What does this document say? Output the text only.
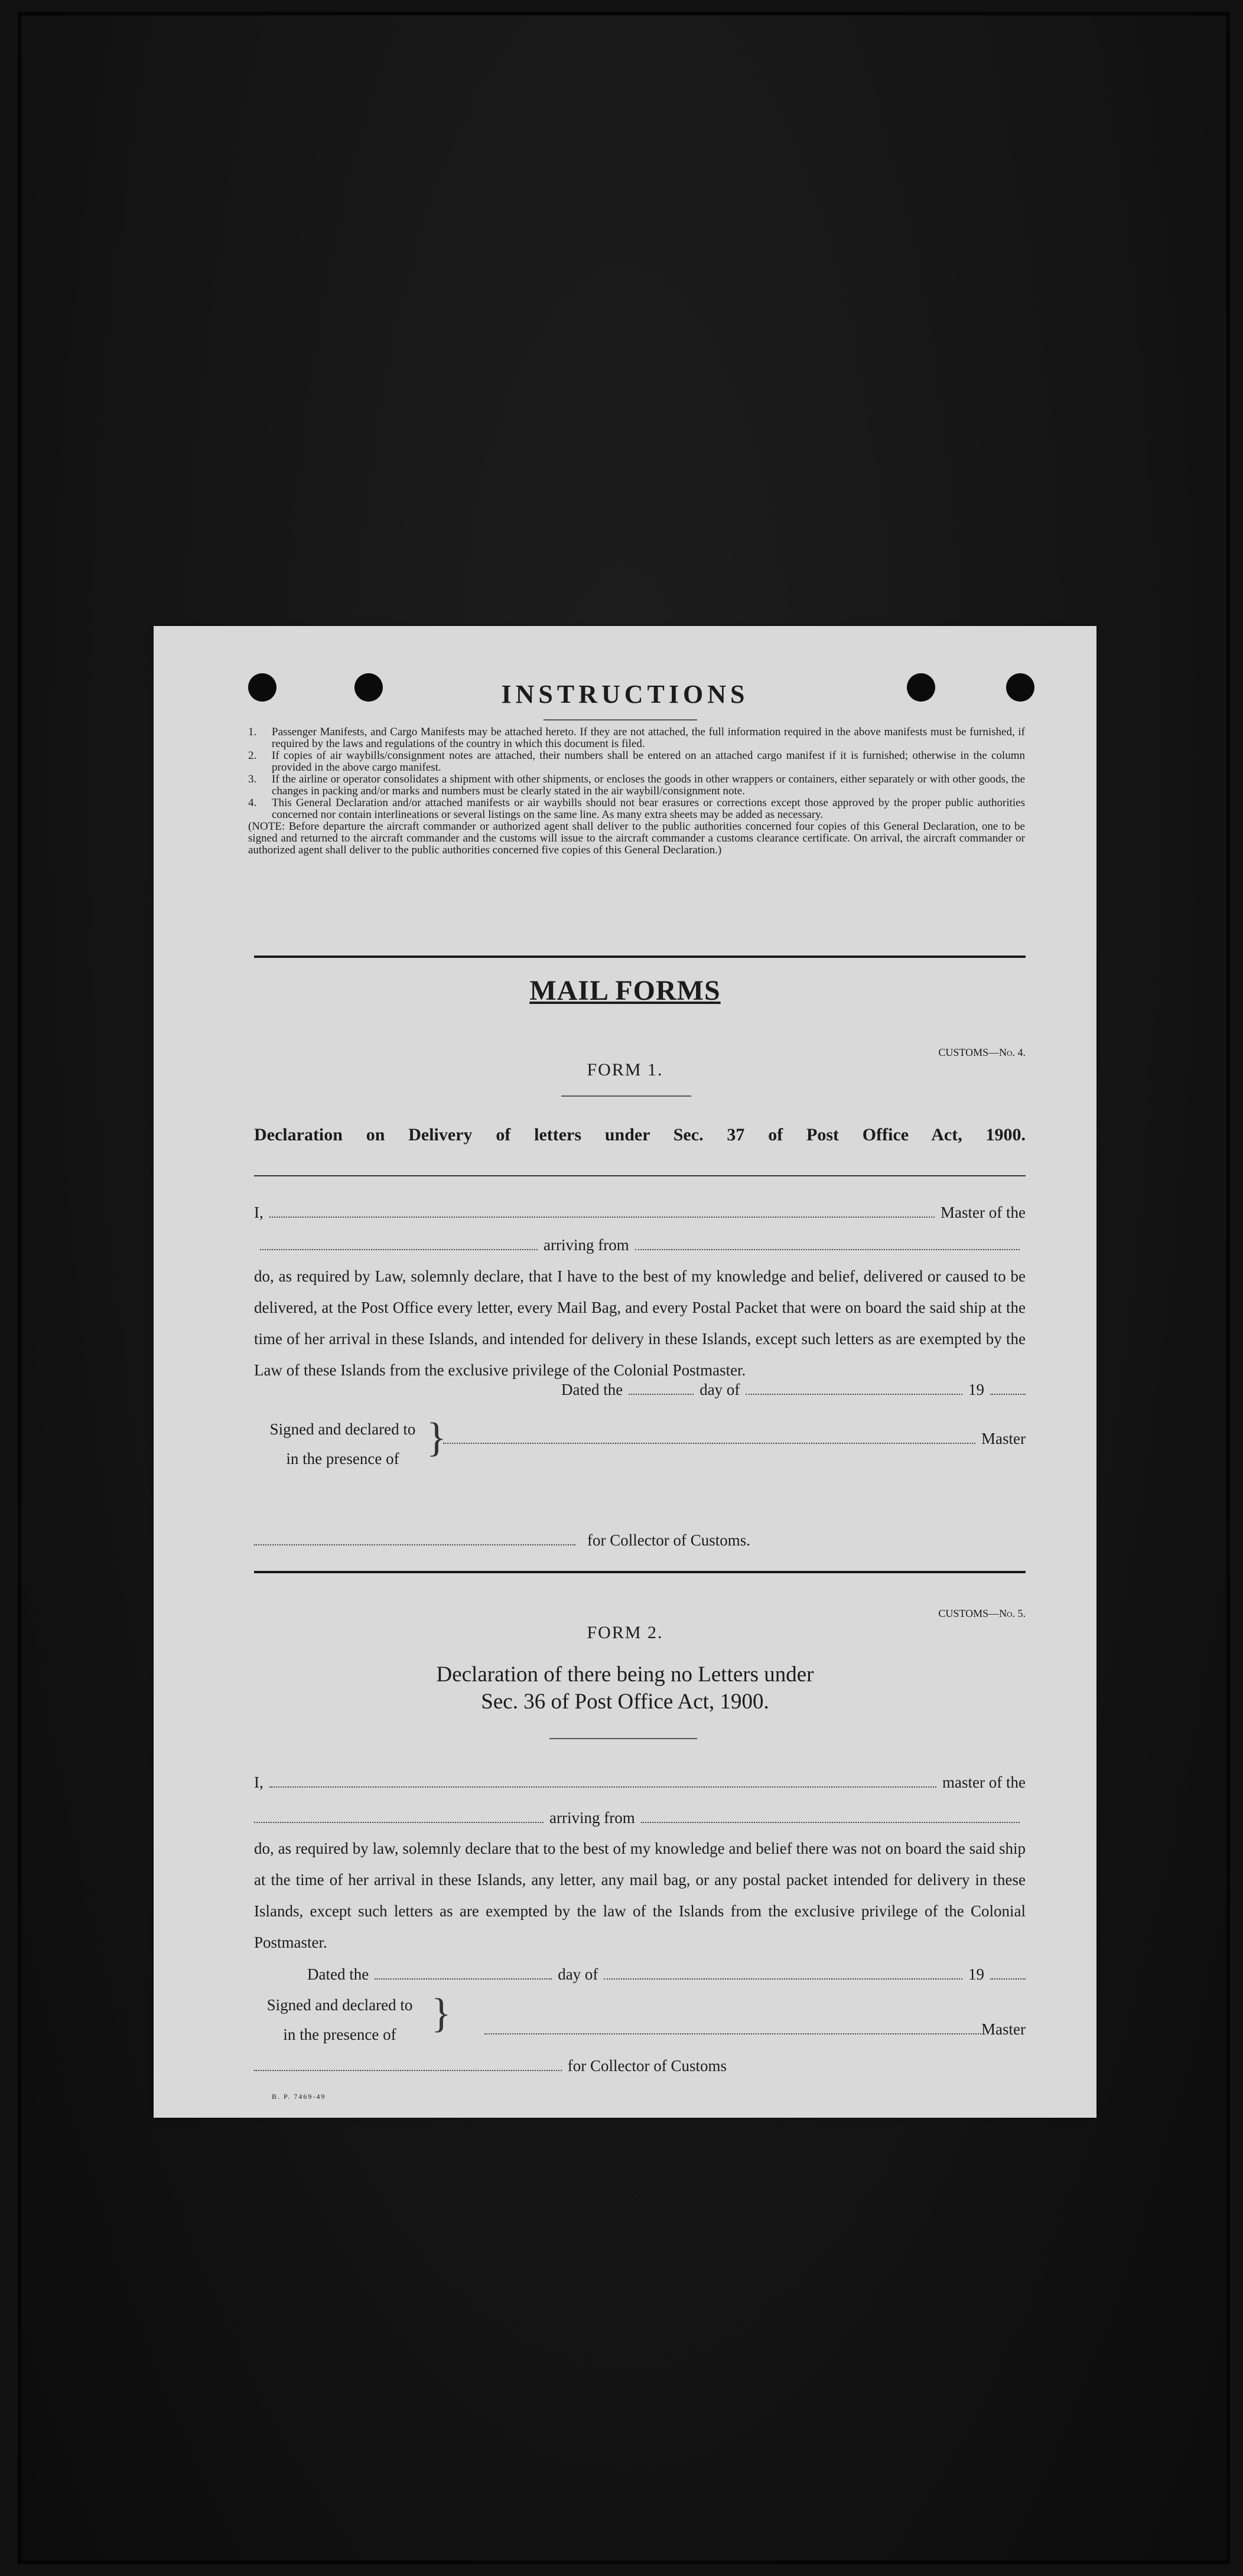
INSTRUCTIONS
1.	Passenger Manifests, and Cargo Manifests may be attached hereto. If they are not attached, the full information required in the above manifests must be furnished, if required by the laws and regulations of the country in which this document is filed.
2.	If copies of air waybills/consignment notes are attached, their numbers shall be entered on an attached cargo manifest if it is furnished; otherwise in the column provided in the above cargo manifest.
3.	If the airline or operator consolidates a shipment with other shipments, or encloses the goods in other wrappers or containers, either separately or with other goods, the changes in packing and/or marks and numbers must be clearly stated in the air waybill/consignment note.
4.	This General Declaration and/or attached manifests or air waybills should not bear erasures or corrections except those approved by the proper public authorities concerned nor contain interlineations or several listings on the same line. As many extra sheets may be added as necessary.
(NOTE: Before departure the aircraft commander or authorized agent shall deliver to the public authorities concerned four copies of this General Declaration, one to be signed and returned to the aircraft commander and the customs will issue to the aircraft commander a customs clearance certificate. On arrival, the aircraft commander or authorized agent shall deliver to the public authorities concerned five copies of this General Declaration.)
MAIL FORMS
CUSTOMS—No. 4.
FORM 1.
Declaration on Delivery of letters under Sec. 37 of Post Office Act, 1900.
I,	Master of the
arriving from
do, as required by Law, solemnly declare, that I have to the best of my knowledge and belief, delivered or caused to be delivered, at the Post Office every letter, every Mail Bag, and every Postal Packet that were on board the said ship at the time of her arrival in these Islands, and intended for delivery in these Islands, except such letters as are exempted by the Law of these Islands from the exclusive privilege of the Colonial Postmaster.
Dated the	day of	19
Signed and declared to
in the presence of }	Master
for Collector of Customs.
CUSTOMS—No. 5.
FORM 2.
Declaration of there being no Letters under
Sec. 36 of Post Office Act, 1900.
I,	master of the
arriving from
do, as required by law, solemnly declare that to the best of my knowledge and belief there was not on board the said ship at the time of her arrival in these Islands, any letter, any mail bag, or any postal packet intended for delivery in these Islands, except such letters as are exempted by the law of the Islands from the exclusive privilege of the Colonial Postmaster.
Dated the	day of	19
Signed and declared to
in the presence of }	Master
for Collector of Customs
B. P. 7469-49
